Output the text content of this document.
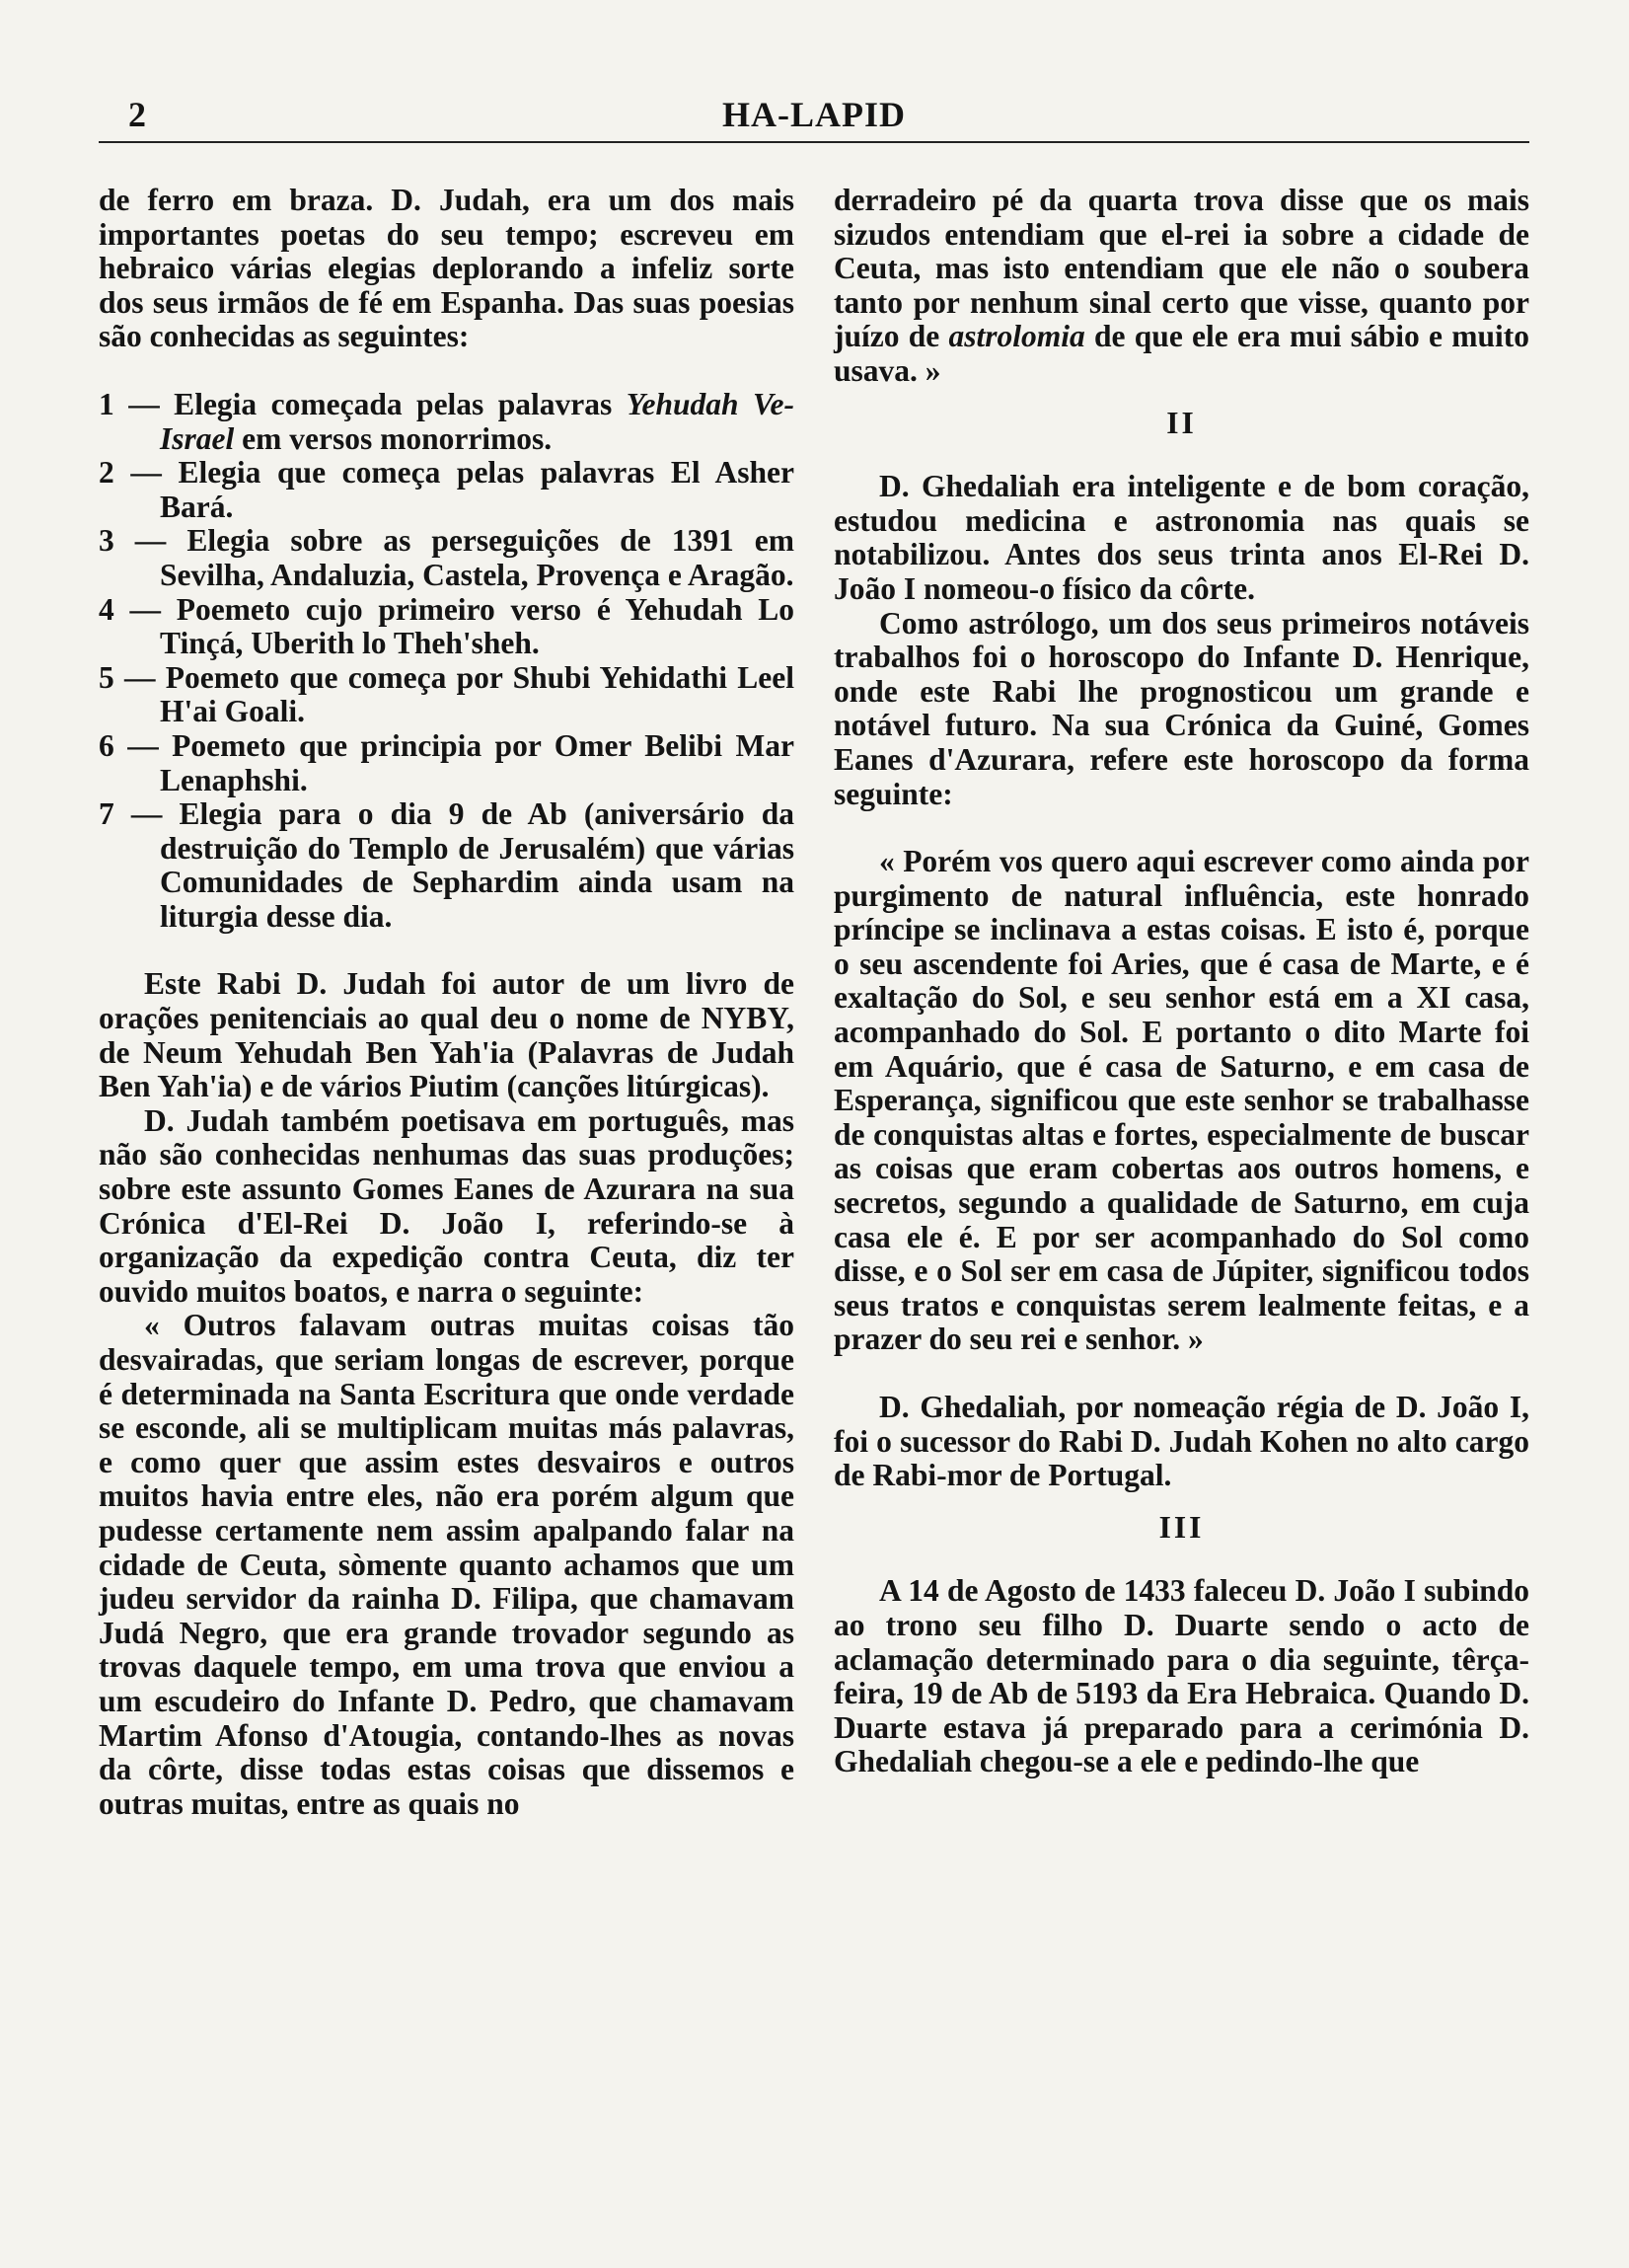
2	HA-LAPID

de ferro em braza. D. Judah, era um dos mais importantes poetas do seu tempo; escreveu em hebraico várias elegias deplorando a infeliz sorte dos seus irmãos de fé em Espanha. Das suas poesias são conhecidas as seguintes:

1 — Elegia começada pelas palavras Yehudah Ve-Israel em versos monorrimos.
2 — Elegia que começa pelas palavras El Asher Bará.
3 — Elegia sobre as perseguições de 1391 em Sevilha, Andaluzia, Castela, Provença e Aragão.
4 — Poemeto cujo primeiro verso é Yehudah Lo Tinçá, Uberith lo Theh'sheh.
5 — Poemeto que começa por Shubi Yehidathi Leel H'ai Goali.
6 — Poemeto que principia por Omer Belibi Mar Lenaphshi.
7 — Elegia para o dia 9 de Ab (aniversário da destruição do Templo de Jerusalém) que várias Comunidades de Sephardim ainda usam na liturgia desse dia.

Este Rabi D. Judah foi autor de um livro de orações penitenciais ao qual deu o nome de NYBY, de Neum Yehudah Ben Yah'ia (Palavras de Judah Ben Yah'ia) e de vários Piutim (canções litúrgicas).

D. Judah também poetisava em português, mas não são conhecidas nenhumas das suas produções; sobre este assunto Gomes Eanes de Azurara na sua Crónica d'El-Rei D. João I, referindo-se à organização da expedição contra Ceuta, diz ter ouvido muitos boatos, e narra o seguinte:

« Outros falavam outras muitas coisas tão desvairadas, que seriam longas de escrever, porque é determinada na Santa Escritura que onde verdade se esconde, ali se multiplicam muitas más palavras, e como quer que assim estes desvairos e outros muitos havia entre eles, não era porém algum que pudesse certamente nem assim apalpando falar na cidade de Ceuta, sòmente quanto achamos que um judeu servidor da rainha D. Filipa, que chamavam Judá Negro, que era grande trovador segundo as trovas daquele tempo, em uma trova que enviou a um escudeiro do Infante D. Pedro, que chamavam Martim Afonso d'Atougia, contando-lhes as novas da côrte, disse todas estas coisas que dissemos e outras muitas, entre as quais no

derradeiro pé da quarta trova disse que os mais sizudos entendiam que el-rei ia sobre a cidade de Ceuta, mas isto entendiam que ele não o soubera tanto por nenhum sinal certo que visse, quanto por juízo de astrolomia de que ele era mui sábio e muito usava. »

II

D. Ghedaliah era inteligente e de bom coração, estudou medicina e astronomia nas quais se notabilizou. Antes dos seus trinta anos El-Rei D. João I nomeou-o físico da côrte.

Como astrólogo, um dos seus primeiros notáveis trabalhos foi o horoscopo do Infante D. Henrique, onde este Rabi lhe prognosticou um grande e notável futuro. Na sua Crónica da Guiné, Gomes Eanes d'Azurara, refere este horoscopo da forma seguinte:

« Porém vos quero aqui escrever como ainda por purgimento de natural influência, este honrado príncipe se inclinava a estas coisas. E isto é, porque o seu ascendente foi Aries, que é casa de Marte, e é exaltação do Sol, e seu senhor está em a XI casa, acompanhado do Sol. E portanto o dito Marte foi em Aquário, que é casa de Saturno, e em casa de Esperança, significou que este senhor se trabalhasse de conquistas altas e fortes, especialmente de buscar as coisas que eram cobertas aos outros homens, e secretos, segundo a qualidade de Saturno, em cuja casa ele é. E por ser acompanhado do Sol como disse, e o Sol ser em casa de Júpiter, significou todos seus tratos e conquistas serem lealmente feitas, e a prazer do seu rei e senhor. »

D. Ghedaliah, por nomeação régia de D. João I, foi o sucessor do Rabi D. Judah Kohen no alto cargo de Rabi-mor de Portugal.

III

A 14 de Agosto de 1433 faleceu D. João I subindo ao trono seu filho D. Duarte sendo o acto de aclamação determinado para o dia seguinte, têrça-feira, 19 de Ab de 5193 da Era Hebraica. Quando D. Duarte estava já preparado para a cerimónia D. Ghedaliah chegou-se a ele e pedindo-lhe que
